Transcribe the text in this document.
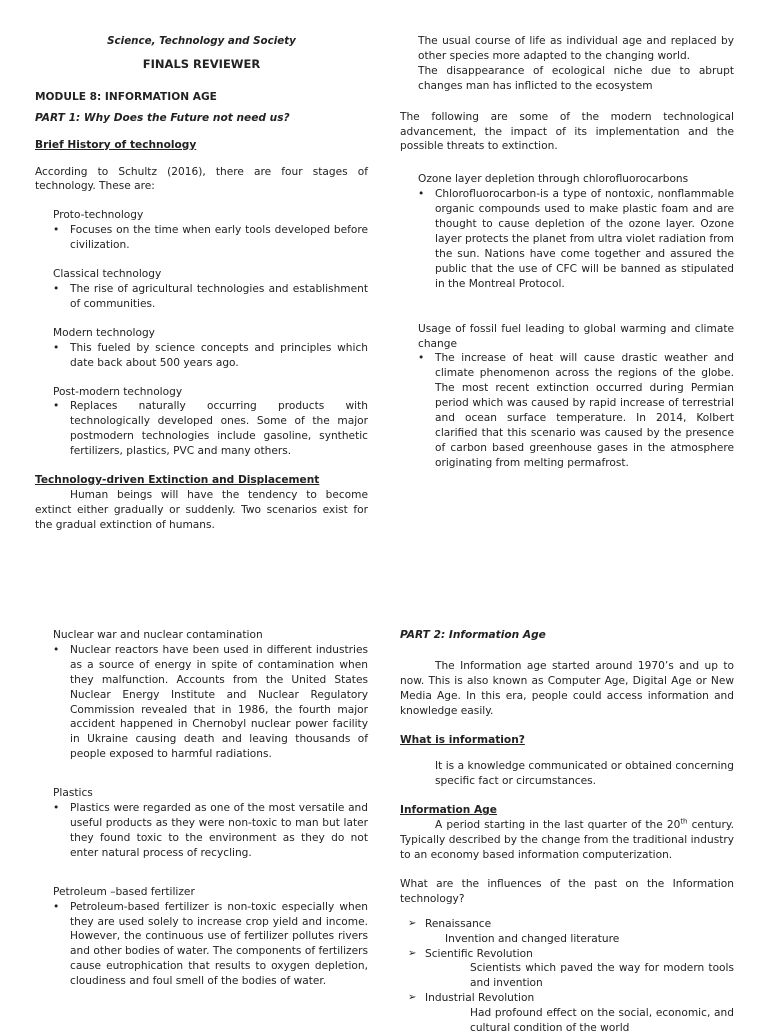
Science, Technology and Society

FINALS REVIEWER

MODULE 8: INFORMATION AGE

PART 1: Why Does the Future not need us?

Brief History of technology

According to Schultz (2016), there are four stages of technology. These are:

Proto-technology

• Focuses on the time when early tools developed before civilization.

Classical technology

• The rise of agricultural technologies and establishment of communities.

Modern technology

• This fueled by science concepts and principles which date back about 500 years ago.

Post-modern technology

• Replaces naturally occurring products with technologically developed ones. Some of the major postmodern technologies include gasoline, synthetic fertilizers, plastics, PVC and many others.

Technology-driven Extinction and Displacement

Human beings will have the tendency to become extinct either gradually or suddenly. Two scenarios exist for the gradual extinction of humans.

The usual course of life as individual age and replaced by other species more adapted to the changing world.

The disappearance of ecological niche due to abrupt changes man has inflicted to the ecosystem

The following are some of the modern technological advancement, the impact of its implementation and the possible threats to extinction.

Ozone layer depletion through chlorofluorocarbons

• Chlorofluorocarbon-is a type of nontoxic, nonflammable organic compounds used to make plastic foam and are thought to cause depletion of the ozone layer. Ozone layer protects the planet from ultra violet radiation from the sun. Nations have come together and assured the public that the use of CFC will be banned as stipulated in the Montreal Protocol.

Usage of fossil fuel leading to global warming and climate change

• The increase of heat will cause drastic weather and climate phenomenon across the regions of the globe. The most recent extinction occurred during Permian period which was caused by rapid increase of terrestrial and ocean surface temperature. In 2014, Kolbert clarified that this scenario was caused by the presence of carbon based greenhouse gases in the atmosphere originating from melting permafrost.

Nuclear war and nuclear contamination

• Nuclear reactors have been used in different industries as a source of energy in spite of contamination when they malfunction. Accounts from the United States Nuclear Energy Institute and Nuclear Regulatory Commission revealed that in 1986, the fourth major accident happened in Chernobyl nuclear power facility in Ukraine causing death and leaving thousands of people exposed to harmful radiations.

Plastics

• Plastics were regarded as one of the most versatile and useful products as they were non-toxic to man but later they found toxic to the environment as they do not enter natural process of recycling.

Petroleum –based fertilizer

• Petroleum-based fertilizer is non-toxic especially when they are used solely to increase crop yield and income. However, the continuous use of fertilizer pollutes rivers and other bodies of water. The components of fertilizers cause eutrophication that results to oxygen depletion, cloudiness and foul smell of the bodies of water.

PART 2: Information Age

The Information age started around 1970’s and up to now. This is also known as Computer Age, Digital Age or New Media Age. In this era, people could access information and knowledge easily.

What is information?

It is a knowledge communicated or obtained concerning specific fact or circumstances.

Information Age

A period starting in the last quarter of the 20th century. Typically described by the change from the traditional industry to an economy based information computerization.

What are the influences of the past on the Information technology?

➢ Renaissance

Invention and changed literature

➢ Scientific Revolution

Scientists which paved the way for modern tools and invention

➢ Industrial Revolution

Had profound effect on the social, economic, and cultural condition of the world
